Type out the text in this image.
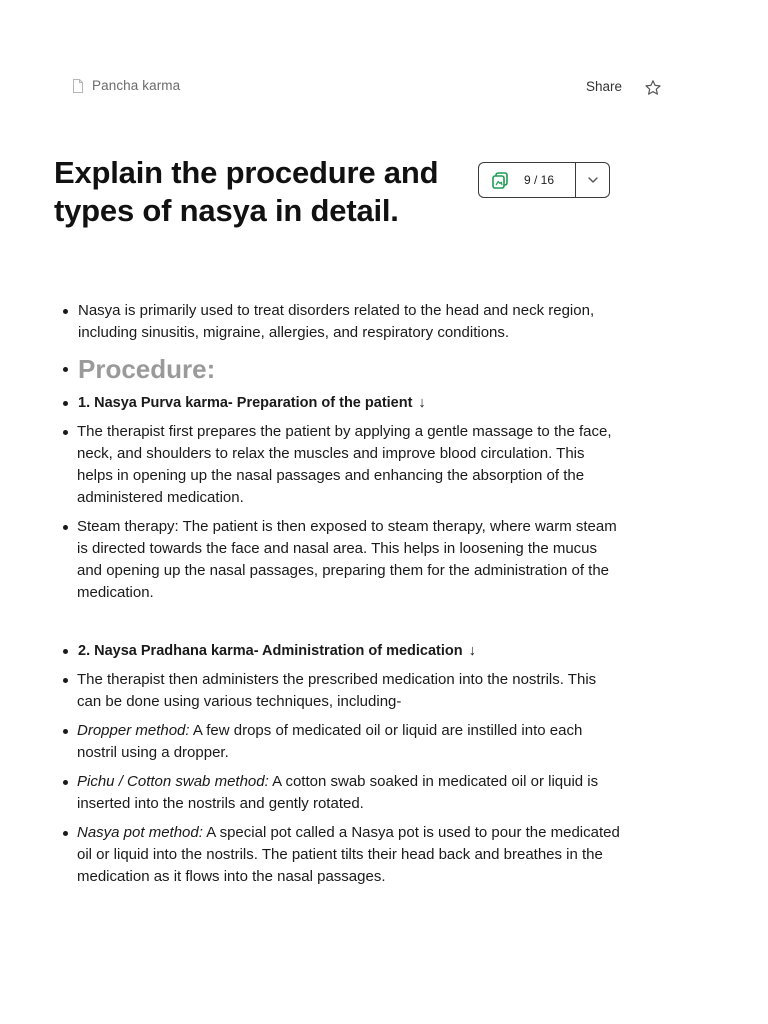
Pancha karma	Share
Explain the procedure and types of nasya in detail.
9 / 16
Nasya is primarily used to treat disorders related to the head and neck region, including sinusitis, migraine, allergies, and respiratory conditions.
Procedure:
1. Nasya Purva karma- Preparation of the patient ↓
The therapist first prepares the patient by applying a gentle massage to the face, neck, and shoulders to relax the muscles and improve blood circulation. This helps in opening up the nasal passages and enhancing the absorption of the administered medication.
Steam therapy: The patient is then exposed to steam therapy, where warm steam is directed towards the face and nasal area. This helps in loosening the mucus and opening up the nasal passages, preparing them for the administration of the medication.
2. Naysa Pradhana karma- Administration of medication ↓
The therapist then administers the prescribed medication into the nostrils. This can be done using various techniques, including-
Dropper method: A few drops of medicated oil or liquid are instilled into each nostril using a dropper.
Pichu / Cotton swab method: A cotton swab soaked in medicated oil or liquid is inserted into the nostrils and gently rotated.
Nasya pot method: A special pot called a Nasya pot is used to pour the medicated oil or liquid into the nostrils. The patient tilts their head back and breathes in the medication as it flows into the nasal passages.
